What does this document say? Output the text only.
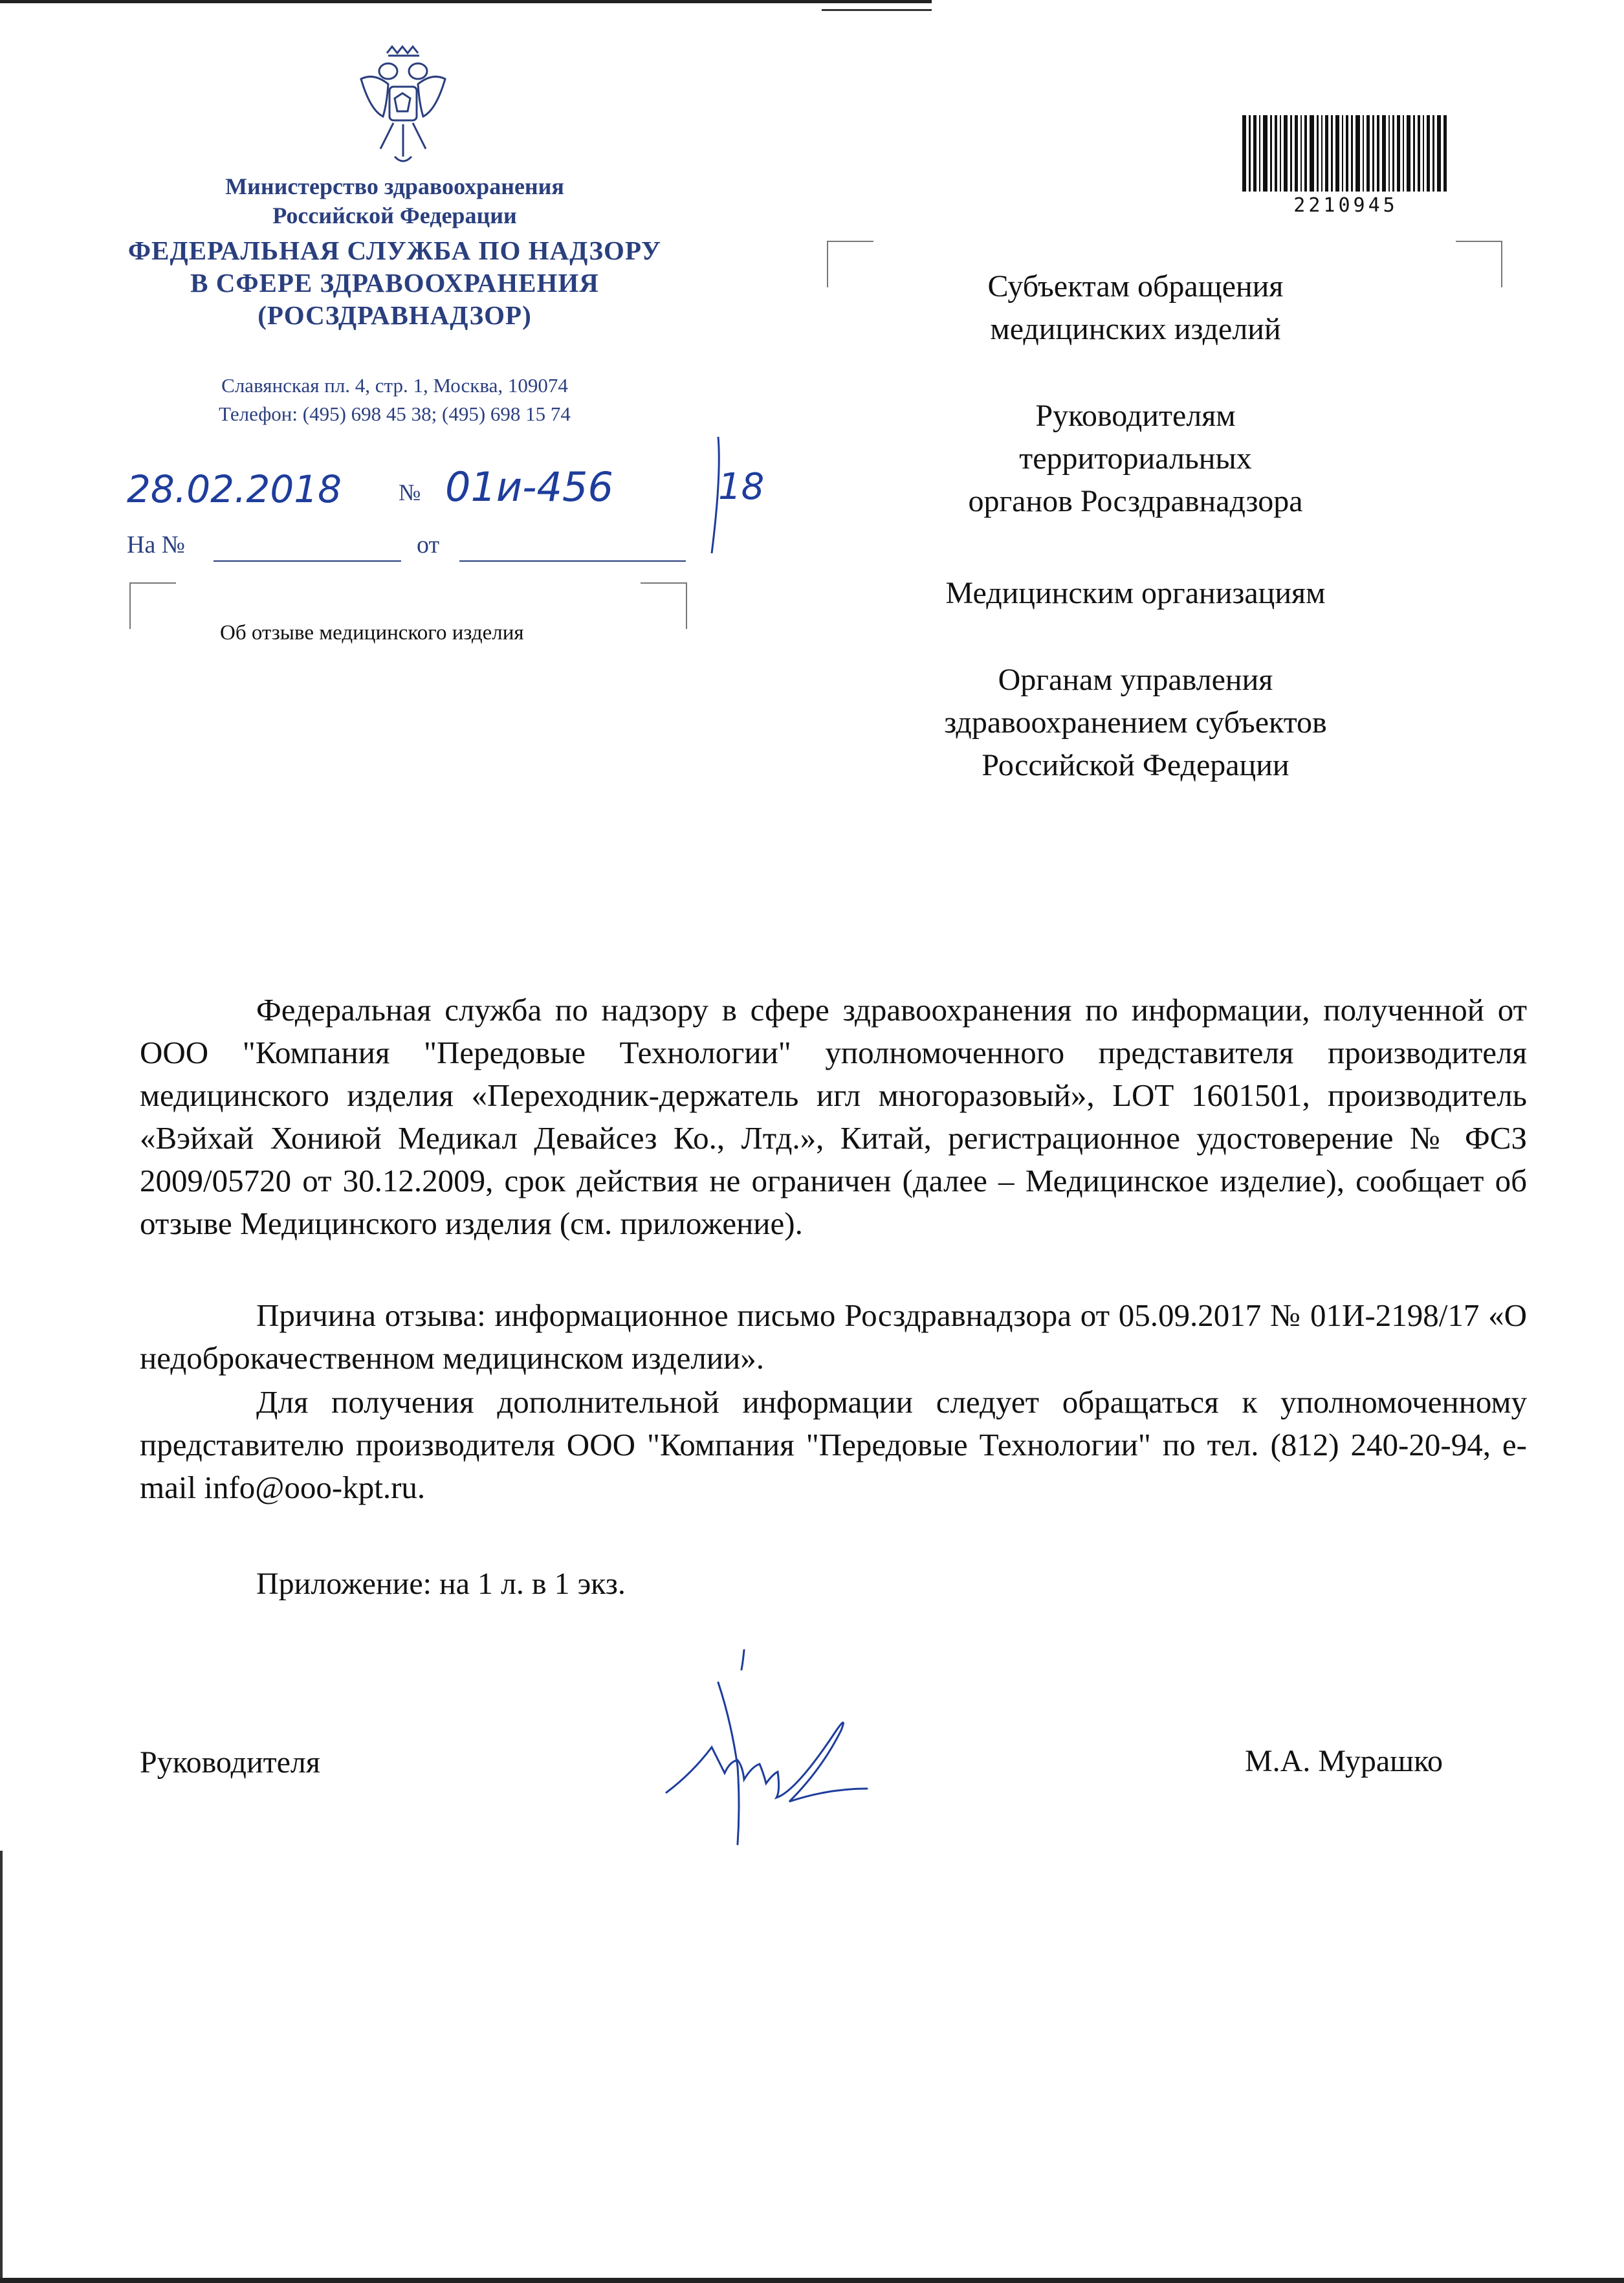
Министерство здравоохранения
Российской Федерации
ФЕДЕРАЛЬНАЯ СЛУЖБА ПО НАДЗОРУ
В СФЕРЕ ЗДРАВООХРАНЕНИЯ
(РОСЗДРАВНАДЗОР)
Славянская пл. 4, стр. 1, Москва, 109074
Телефон: (495) 698 45 38; (495) 698 15 74
28.02.2018 № 01и-456	18
На №	от
Об отзыве медицинского изделия
2210945
Субъектам обращения
медицинских изделий
Руководителям
территориальных
органов Росздравнадзора
Медицинским организациям
Органам управления
здравоохранением субъектов
Российской Федерации
Федеральная служба по надзору в сфере здравоохранения по информации, полученной от ООО "Компания "Передовые Технологии" уполномоченного представителя производителя медицинского изделия «Переходник-держатель игл многоразовый», LOT 1601501, производитель «Вэйхай Хониюй Медикал Девайсез Ко., Лтд.», Китай, регистрационное удостоверение № ФСЗ 2009/05720 от 30.12.2009, срок действия не ограничен (далее – Медицинское изделие), сообщает об отзыве Медицинского изделия (см. приложение).
Причина отзыва: информационное письмо Росздравнадзора от 05.09.2017 № 01И-2198/17 «О недоброкачественном медицинском изделии».
Для получения дополнительной информации следует обращаться к уполномоченному представителю производителя ООО "Компания "Передовые Технологии" по тел. (812) 240-20-94, e-mail info@ooo-kpt.ru.
Приложение: на 1 л. в 1 экз.
Руководителя	М.А. Мурашко
